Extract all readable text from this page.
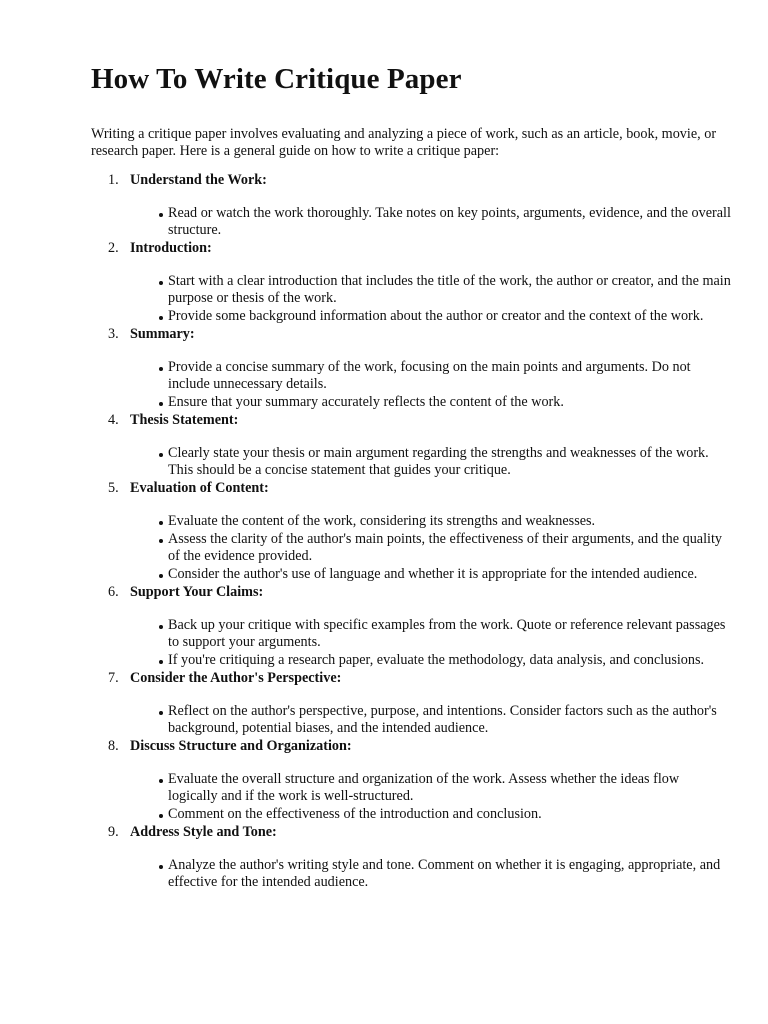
How To Write Critique Paper

Writing a critique paper involves evaluating and analyzing a piece of work, such as an article, book, movie, or research paper. Here is a general guide on how to write a critique paper:

1. Understand the Work:

Read or watch the work thoroughly. Take notes on key points, arguments, evidence, and the overall structure.
2. Introduction:

Start with a clear introduction that includes the title of the work, the author or creator, and the main purpose or thesis of the work.
Provide some background information about the author or creator and the context of the work.
3. Summary:

Provide a concise summary of the work, focusing on the main points and arguments. Do not include unnecessary details.
Ensure that your summary accurately reflects the content of the work.
4. Thesis Statement:

Clearly state your thesis or main argument regarding the strengths and weaknesses of the work. This should be a concise statement that guides your critique.
5. Evaluation of Content:

Evaluate the content of the work, considering its strengths and weaknesses.
Assess the clarity of the author's main points, the effectiveness of their arguments, and the quality of the evidence provided.
Consider the author's use of language and whether it is appropriate for the intended audience.
6. Support Your Claims:

Back up your critique with specific examples from the work. Quote or reference relevant passages to support your arguments.
If you're critiquing a research paper, evaluate the methodology, data analysis, and conclusions.
7. Consider the Author's Perspective:

Reflect on the author's perspective, purpose, and intentions. Consider factors such as the author's background, potential biases, and the intended audience.
8. Discuss Structure and Organization:

Evaluate the overall structure and organization of the work. Assess whether the ideas flow logically and if the work is well-structured.
Comment on the effectiveness of the introduction and conclusion.
9. Address Style and Tone:

Analyze the author's writing style and tone. Comment on whether it is engaging, appropriate, and effective for the intended audience.
